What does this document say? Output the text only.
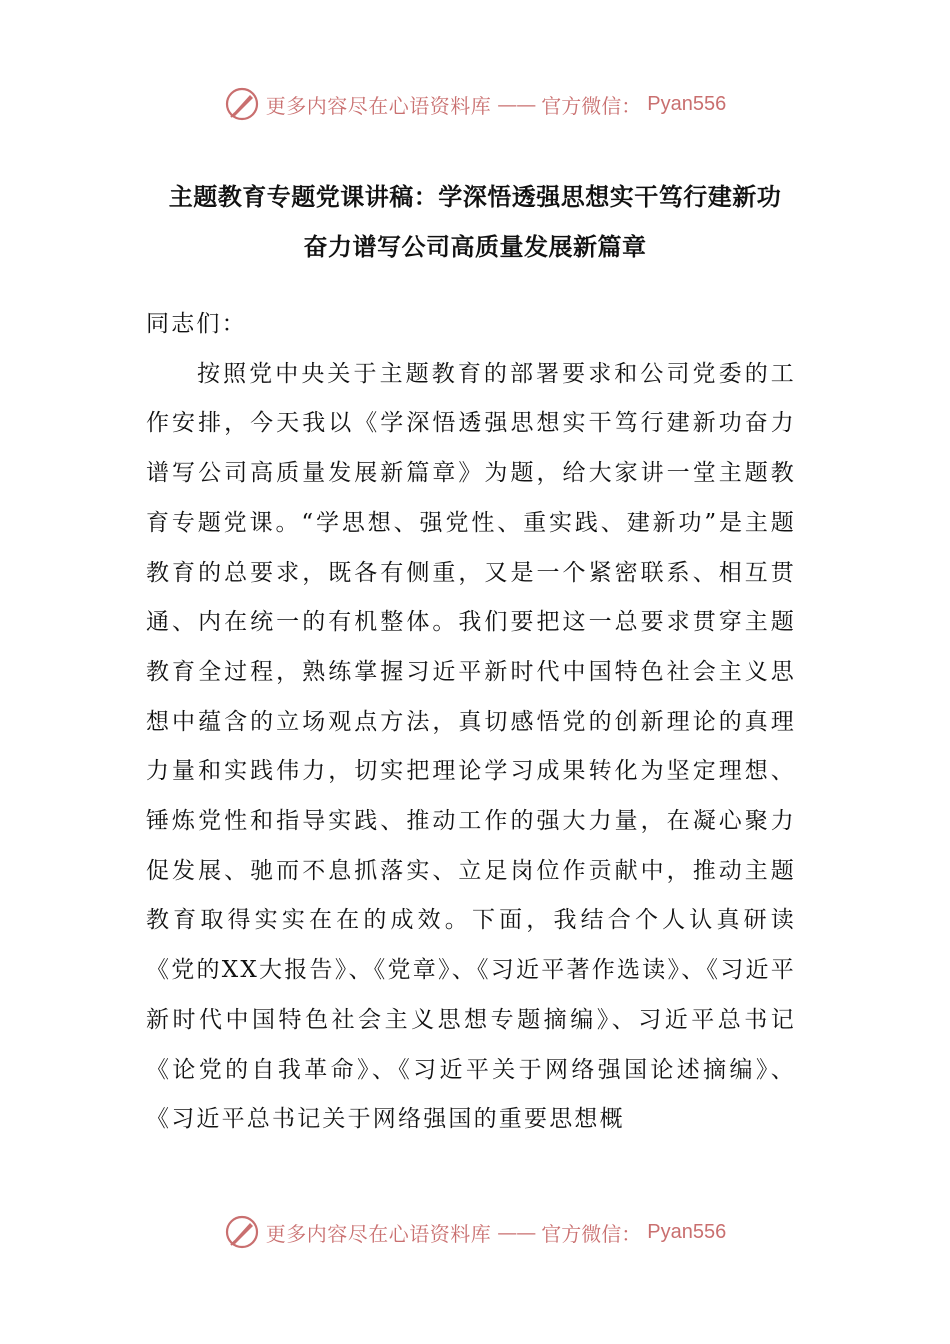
更多内容尽在心语资料库 —— 官方微信： Pyan556
主题教育专题党课讲稿：学深悟透强思想实干笃行建新功
奋力谱写公司高质量发展新篇章

同志们：

按照党中央关于主题教育的部署要求和公司党委的工作安排，今天我以《学深悟透强思想实干笃行建新功奋力谱写公司高质量发展新篇章》为题，给大家讲一堂主题教育专题党课。“学思想、强党性、重实践、建新功”是主题教育的总要求，既各有侧重，又是一个紧密联系、相互贯通、内在统一的有机整体。我们要把这一总要求贯穿主题教育全过程，熟练掌握习近平新时代中国特色社会主义思想中蕴含的立场观点方法，真切感悟党的创新理论的真理力量和实践伟力，切实把理论学习成果转化为坚定理想、锤炼党性和指导实践、推动工作的强大力量，在凝心聚力促发展、驰而不息抓落实、立足岗位作贡献中，推动主题教育取得实实在在的成效。下面，我结合个人认真研读《党的XX大报告》、《党章》、《习近平著作选读》、《习近平新时代中国特色社会主义思想专题摘编》、习近平总书记《论党的自我革命》、《习近平关于网络强国论述摘编》、《习近平总书记关于网络强国的重要思想概

更多内容尽在心语资料库 —— 官方微信： Pyan556
